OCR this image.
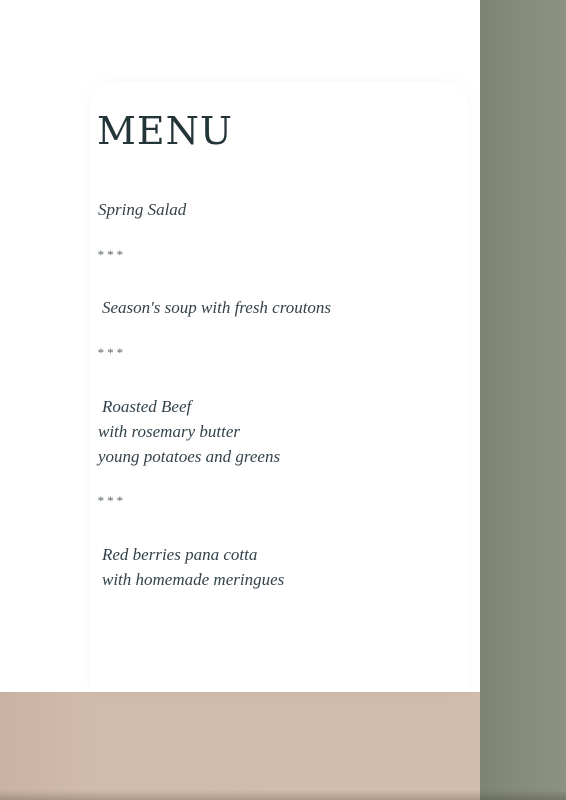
MENU
Spring Salad
***
Season's soup with fresh croutons
***
Roasted Beef
with rosemary butter
young potatoes and greens
***
Red berries pana cotta
with homemade meringues
